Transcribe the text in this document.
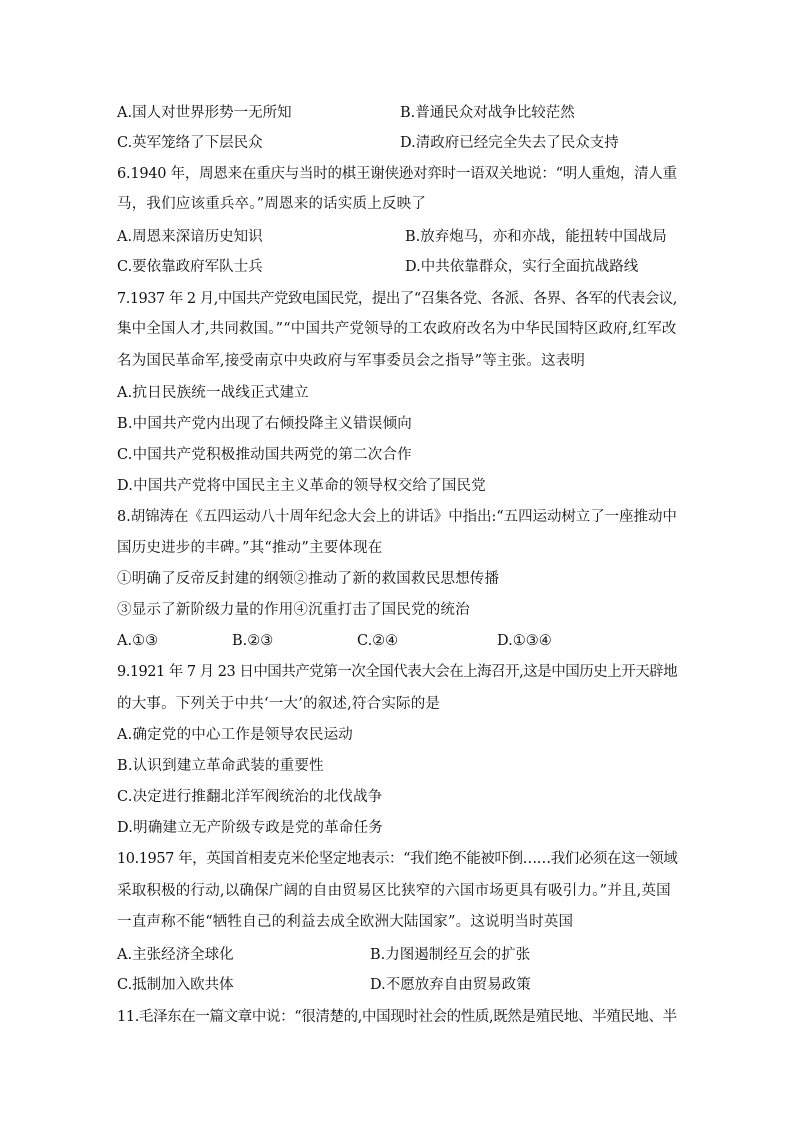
A.国人对世界形势一无所知	B.普通民众对战争比较茫然
C.英军笼络了下层民众	D.清政府已经完全失去了民众支持
6.1940 年，周恩来在重庆与当时的棋王谢侠逊对弈时一语双关地说：“明人重炮，清人重
马，我们应该重兵卒。”周恩来的话实质上反映了
A.周恩来深谙历史知识	B.放弃炮马，亦和亦战，能扭转中国战局
C.要依靠政府军队士兵	D.中共依靠群众，实行全面抗战路线
7.1937 年 2 月,中国共产党致电国民党，提出了“召集各党、各派、各界、各军的代表会议,
集中全国人才,共同救国。”“中国共产党领导的工农政府改名为中华民国特区政府,红军改
名为国民革命军,接受南京中央政府与军事委员会之指导”等主张。这表明
A.抗日民族统一战线正式建立
B.中国共产党内出现了右倾投降主义错误倾向
C.中国共产党积极推动国共两党的第二次合作
D.中国共产党将中国民主主义革命的领导权交给了国民党
8.胡锦涛在《五四运动八十周年纪念大会上的讲话》中指出:“五四运动树立了一座推动中
国历史进步的丰碑。”其“推动”主要体现在
①明确了反帝反封建的纲领②推动了新的救国救民思想传播
③显示了新阶级力量的作用④沉重打击了国民党的统治
A.①③	B.②③	C.②④	D.①③④
9.1921 年 7 月 23 日中国共产党第一次全国代表大会在上海召开,这是中国历史上开天辟地
的大事。下列关于中共‘一大’的叙述,符合实际的是
A.确定党的中心工作是领导农民运动
B.认识到建立革命武装的重要性
C.决定进行推翻北洋军阀统治的北伐战争
D.明确建立无产阶级专政是党的革命任务
10.1957 年，英国首相麦克米伦坚定地表示：“我们绝不能被吓倒……我们必须在这一领域
采取积极的行动,以确保广阔的自由贸易区比狭窄的六国市场更具有吸引力。”并且,英国
一直声称不能“牺牲自己的利益去成全欧洲大陆国家”。这说明当时英国
A.主张经济全球化	B.力图遏制经互会的扩张
C.抵制加入欧共体	D.不愿放弃自由贸易政策
11.毛泽东在一篇文章中说：“很清楚的,中国现时社会的性质,既然是殖民地、半殖民地、半
